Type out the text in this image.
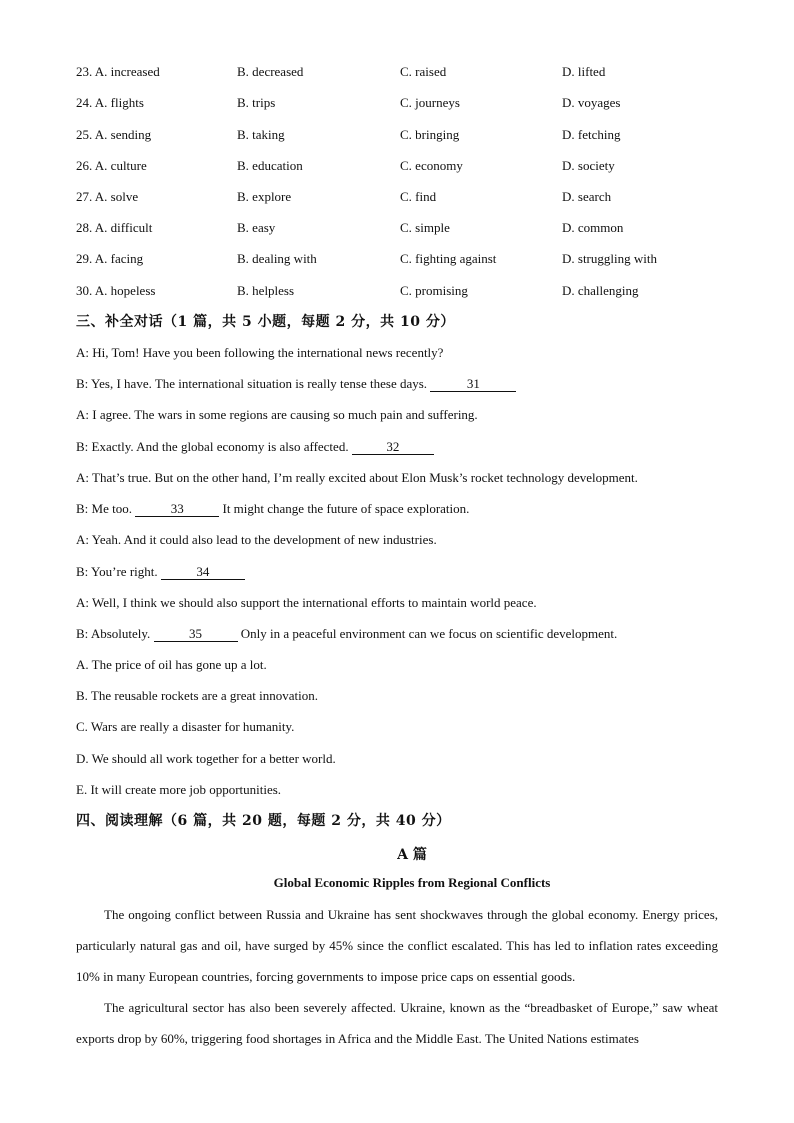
23. A. increased	B. decreased	C. raised	D. lifted
24. A. flights	B. trips	C. journeys	D. voyages
25. A. sending	B. taking	C. bringing	D. fetching
26. A. culture	B. education	C. economy	D. society
27. A. solve	B. explore	C. find	D. search
28. A. difficult	B. easy	C. simple	D. common
29. A. facing	B. dealing with	C. fighting against	D. struggling with
30. A. hopeless	B. helpless	C. promising	D. challenging
三、补全对话（1 篇，共 5 小题，每题 2 分，共 10 分）
A: Hi, Tom! Have you been following the international news recently?
B: Yes, I have. The international situation is really tense these days.	31
A: I agree. The wars in some regions are causing so much pain and suffering.
B: Exactly. And the global economy is also affected.	32
A: That’s true. But on the other hand, I’m really excited about Elon Musk’s rocket technology development.
B: Me too.	33	It might change the future of space exploration.
A: Yeah. And it could also lead to the development of new industries.
B: You’re right.	34
A: Well, I think we should also support the international efforts to maintain world peace.
B: Absolutely.	35	Only in a peaceful environment can we focus on scientific development.
A. The price of oil has gone up a lot.
B. The reusable rockets are a great innovation.
C. Wars are really a disaster for humanity.
D. We should all work together for a better world.
E. It will create more job opportunities.
四、阅读理解（6 篇，共 20 题，每题 2 分，共 40 分）
A 篇
Global Economic Ripples from Regional Conflicts
The ongoing conflict between Russia and Ukraine has sent shockwaves through the global economy. Energy prices, particularly natural gas and oil, have surged by 45% since the conflict escalated. This has led to inflation rates exceeding 10% in many European countries, forcing governments to impose price caps on essential goods.
The agricultural sector has also been severely affected. Ukraine, known as the “breadbasket of Europe,” saw wheat exports drop by 60%, triggering food shortages in Africa and the Middle East. The United Nations estimates
